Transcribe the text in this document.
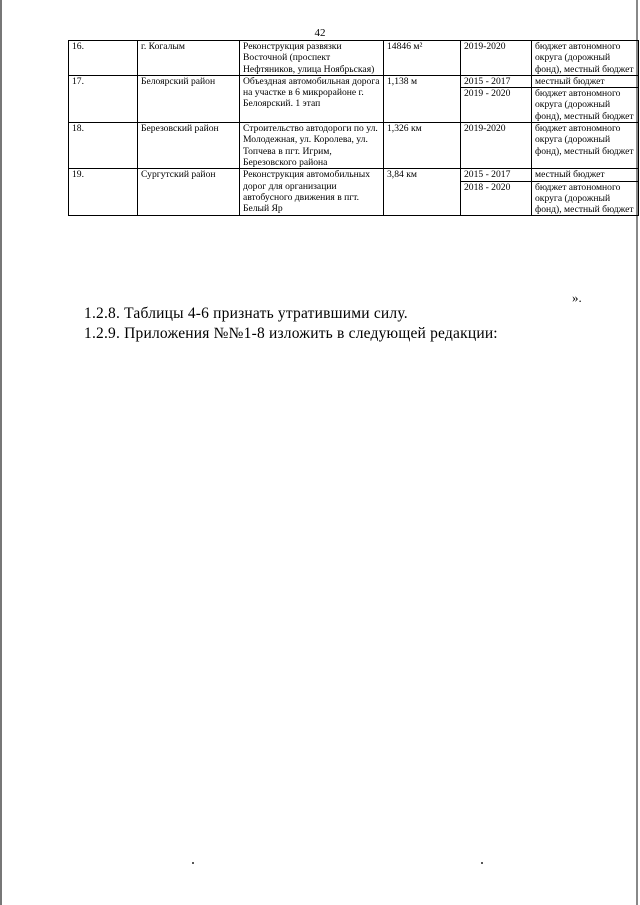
42
16.	г. Когалым	Реконструкция развязки Восточной (проспект Нефтяников, улица Ноябрьская)	14846 м²	2019-2020	бюджет автономного округа (дорожный фонд), местный бюджет
17.	Белоярский район	Объездная автомобильная дорога на участке в 6 микрорайоне г. Белоярский. 1 этап	1,138 м	2015 - 2017	местный бюджет
				2019 - 2020	бюджет автономного округа (дорожный фонд), местный бюджет
18.	Березовский район	Строительство автодороги по ул. Молодежная, ул. Королева, ул. Топчева в пгт. Игрим, Березовского района	1,326 км	2019-2020	бюджет автономного округа (дорожный фонд), местный бюджет
19.	Сургутский район	Реконструкция автомобильных дорог для организации автобусного движения в пгт. Белый Яр	3,84 км	2015 - 2017	местный бюджет
				2018 - 2020	бюджет автономного округа (дорожный фонд), местный бюджет
».
1.2.8. Таблицы 4-6 признать утратившими силу.
1.2.9. Приложения №№1-8 изложить в следующей редакции:
